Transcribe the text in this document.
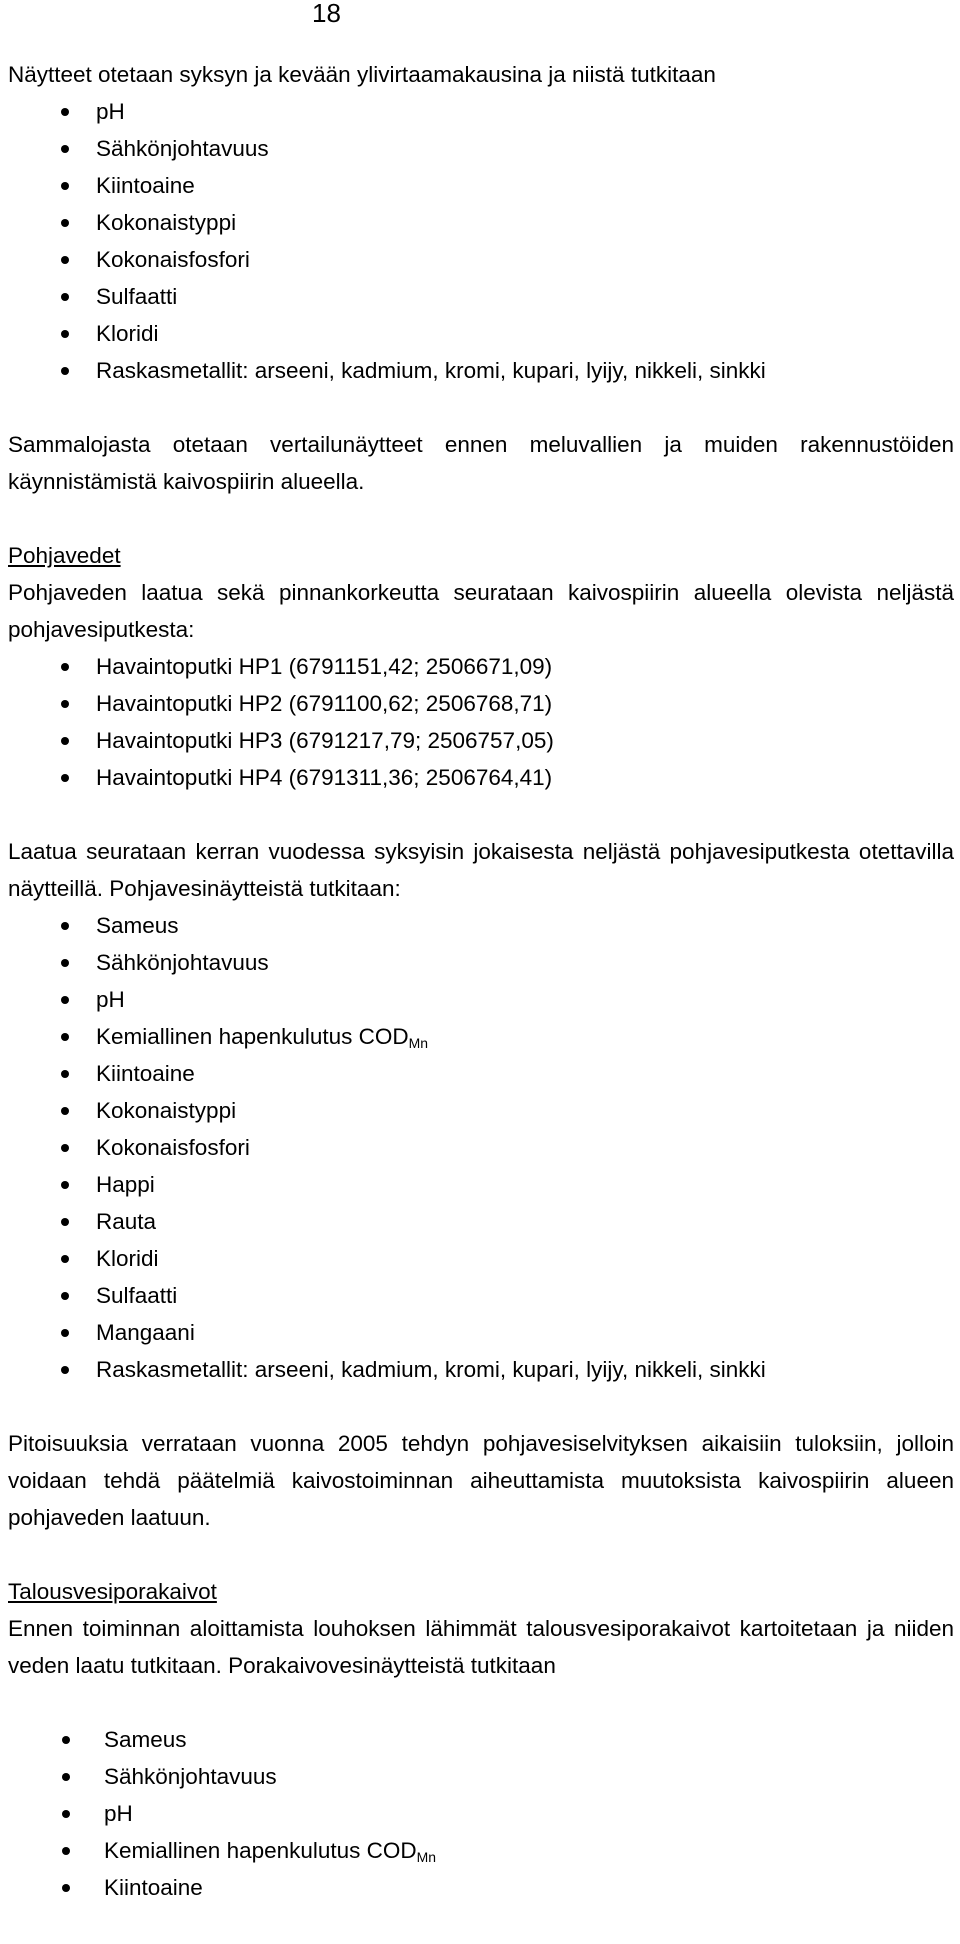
18

Näytteet otetaan syksyn ja kevään ylivirtaamakausina ja niistä tutkitaan

pH
Sähkönjohtavuus
Kiintoaine
Kokonaistyppi
Kokonaisfosfori
Sulfaatti
Kloridi
Raskasmetallit: arseeni, kadmium, kromi, kupari, lyijy, nikkeli, sinkki

Sammalojasta otetaan vertailunäytteet ennen meluvallien ja muiden rakennustöiden käynnistämistä kaivospiirin alueella.

Pohjavedet

Pohjaveden laatua sekä pinnankorkeutta seurataan kaivospiirin alueella olevista neljästä pohjavesiputkesta:

Havaintoputki HP1 (6791151,42; 2506671,09)
Havaintoputki HP2 (6791100,62; 2506768,71)
Havaintoputki HP3 (6791217,79; 2506757,05)
Havaintoputki HP4 (6791311,36; 2506764,41)

Laatua seurataan kerran vuodessa syksyisin jokaisesta neljästä pohjavesiputkesta otettavilla näytteillä. Pohjavesinäytteistä tutkitaan:

Sameus
Sähkönjohtavuus
pH
Kemiallinen hapenkulutus $COD_{Mn}$
Kiintoaine
Kokonaistyppi
Kokonaisfosfori
Happi
Rauta
Kloridi
Sulfaatti
Mangaani
Raskasmetallit: arseeni, kadmium, kromi, kupari, lyijy, nikkeli, sinkki

Pitoisuuksia verrataan vuonna 2005 tehdyn pohjavesiselvityksen aikaisiin tuloksiin, jolloin voidaan tehdä päätelmiä kaivostoiminnan aiheuttamista muutoksista kaivospiirin alueen pohjaveden laatuun.

Talousvesiporakaivot

Ennen toiminnan aloittamista louhoksen lähimmät talousvesiporakaivot kartoitetaan ja niiden veden laatu tutkitaan. Porakaivovesinäytteistä tutkitaan

Sameus
Sähkönjohtavuus
pH
Kemiallinen hapenkulutus $COD_{Mn}$
Kiintoaine
